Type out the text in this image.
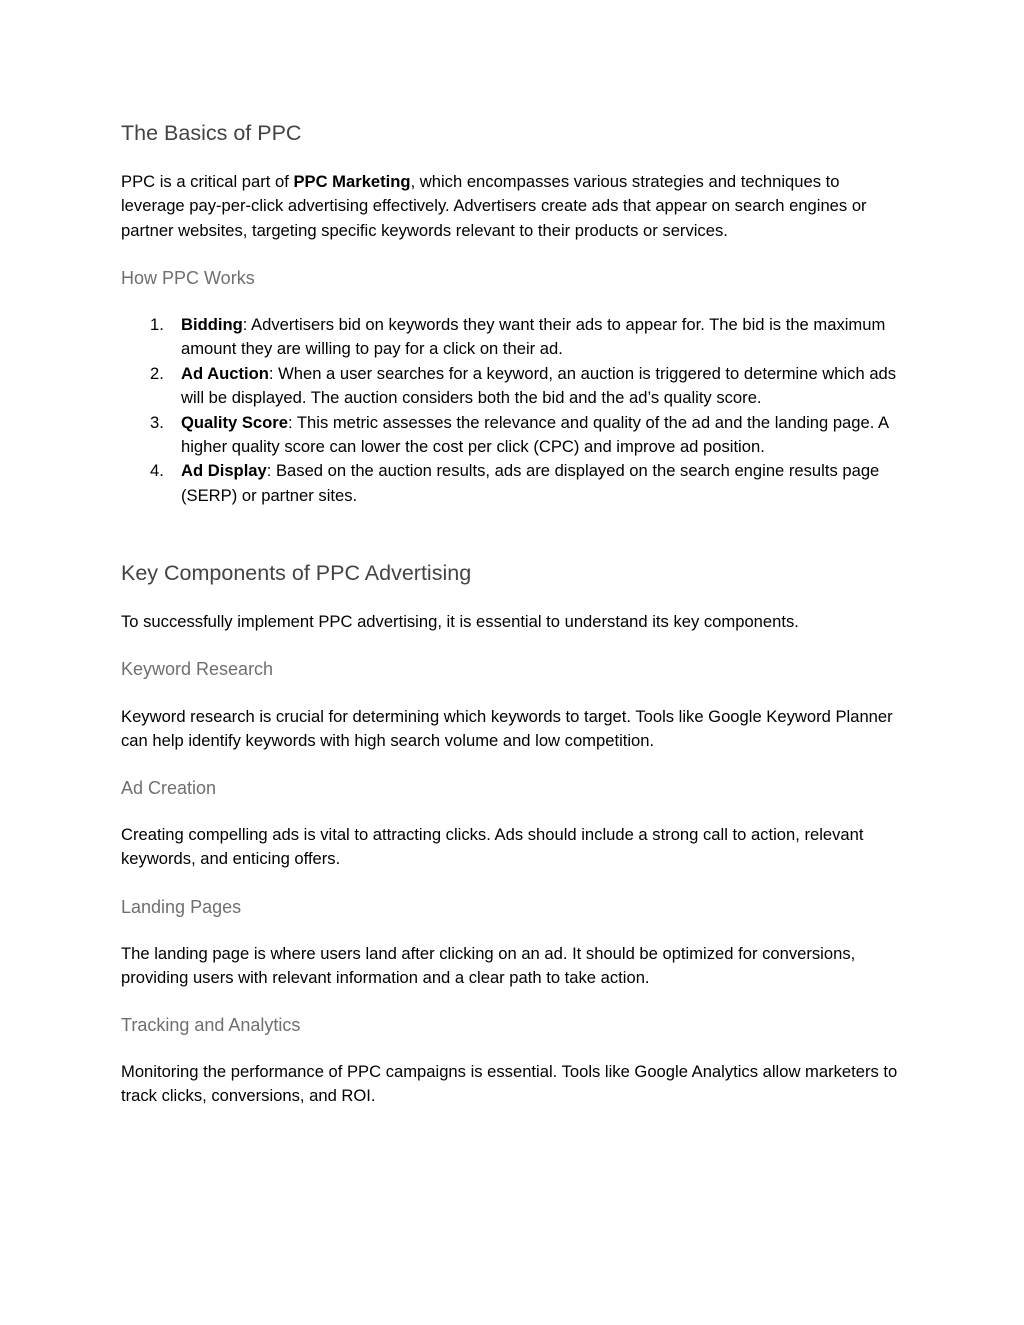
The Basics of PPC

PPC is a critical part of PPC Marketing, which encompasses various strategies and techniques to leverage pay-per-click advertising effectively. Advertisers create ads that appear on search engines or partner websites, targeting specific keywords relevant to their products or services.

How PPC Works
1. Bidding: Advertisers bid on keywords they want their ads to appear for. The bid is the maximum amount they are willing to pay for a click on their ad.
2. Ad Auction: When a user searches for a keyword, an auction is triggered to determine which ads will be displayed. The auction considers both the bid and the ad’s quality score.
3. Quality Score: This metric assesses the relevance and quality of the ad and the landing page. A higher quality score can lower the cost per click (CPC) and improve ad position.
4. Ad Display: Based on the auction results, ads are displayed on the search engine results page (SERP) or partner sites.
Key Components of PPC Advertising

To successfully implement PPC advertising, it is essential to understand its key components.

Keyword Research

Keyword research is crucial for determining which keywords to target. Tools like Google Keyword Planner can help identify keywords with high search volume and low competition.

Ad Creation

Creating compelling ads is vital to attracting clicks. Ads should include a strong call to action, relevant keywords, and enticing offers.

Landing Pages

The landing page is where users land after clicking on an ad. It should be optimized for conversions, providing users with relevant information and a clear path to take action.

Tracking and Analytics

Monitoring the performance of PPC campaigns is essential. Tools like Google Analytics allow marketers to track clicks, conversions, and ROI.
